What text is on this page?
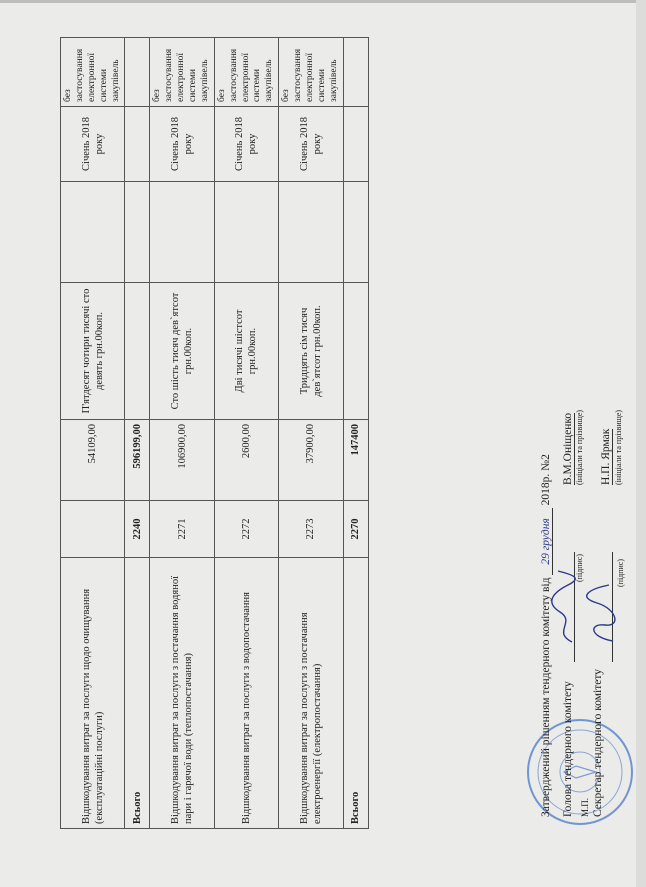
Відшкодування витрат за послуги щодо очищування (експлуатаційні послуги)		54109,00	П'ятдесят чотири тисячі сто девять грн.00коп.		Січень 2018 року	без застосування електронної системи закупівель
Всього	2240	596199,00				
Відшкодування витрат за послуги з постачання водяної пари і гарячої води (теплопостачання)	2271	106900,00	Сто шість тисяч дев`ятсот грн.00коп.		Січень 2018 року	без застосування електронної системи закупівель
Відшкодування витрат за послуги з водопостачання	2272	2600,00	Дві тисячі шістсот грн.00коп.		Січень 2018 року	без застосування електронної системи закупівель
Відшкодування витрат за послуги з постачання електроенергії (електропостачання)	2273	37900,00	Тридцять сім тисяч дев`ятсот грн.00коп.		Січень 2018 року	без застосування електронної системи закупівель
Всього	2270	147400				
Затверджений рішенням тендерного комітету від 29 грудня 2018р. №2
Голова тендерного комітету М.П. Секретар тендерного комітету
(підпис)	(підпис)
В.М.Оніщенко (ініціали та прізвище) Н.П. Ярмак (ініціали та прізвище)
